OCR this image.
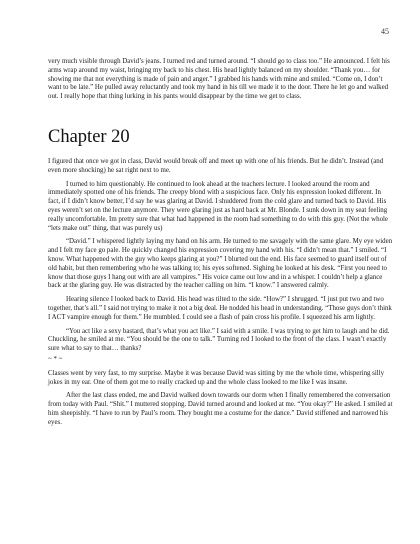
45

very much visible through David’s jeans. I turned red and turned around. “I should go to class too.” He announced. I felt his arms wrap around my waist, bringing my back to his chest. His head lightly balanced on my shoulder. “Thank you… for showing me that not everything is made of pain and anger.” I grabbed his hands with mine and smiled. “Come on, I don’t want to be late.” He pulled away reluctantly and took my hand in his till we made it to the door. There he let go and walked out. I really hope that thing lurking in his pants would disappear by the time we get to class.

Chapter 20

I figured that once we got in class, David would break off and meet up with one of his friends. But he didn’t. Instead (and even more shocking) he sat right next to me.

I turned to him questionably. He continued to look ahead at the teachers lecture. I looked around the room and immediately spotted one of his friends. The creepy blond with a suspicious face. Only his expression looked different. In fact, if I didn’t know better, I’d say he was glaring at David. I shuddered from the cold glare and turned back to David. His eyes weren’t set on the lecture anymore. They were glaring just as hard back at Mr. Blonde. I sunk down in my seat feeling really uncomfortable. Im pretty sure that what had happened in the room had something to do with this guy. (Not the whole “lets make out” thing, that was purely us)

“David.” I whispered lightly laying my hand on his arm. He turned to me savagely with the same glare. My eye widen and I felt my face go pale. He quickly changed his expression covering my hand with his. “I didn’t mean that.” I smiled. “I know. What happened with the guy who keeps glaring at you?” I blurted out the end. His face seemed to guard itself out of old habit, but then remembering who he was talking to; his eyes softened. Sighing he looked at his desk. “First you need to know that those guys I hang out with are all vampires.” His voice came out low and in a whisper. I couldn’t help a glance back at the glaring guy. He was distracted by the teacher calling on him. “I know.” I answered calmly.

Hearing silence I looked back to David. His head was tilted to the side. “How?” I shrugged. “I just put two and two together, that’s all.” I said not trying to make it not a big deal. He nodded his head in understanding. “Those guys don’t think I ACT vampire enough for them.” He mumbled. I could see a flash of pain cross his profile. I squeezed his arm lightly.

“You act like a sexy bastard, that’s what you act like.” I said with a smile. I was trying to get him to laugh and he did. Chuckling, he smiled at me. “You should be the one to talk.” Turning red I looked to the front of the class. I wasn’t exactly sure what to say to that… thanks?

~ * ~

Classes went by very fast, to my surprise. Maybe it was because David was sitting by me the whole time, whispering silly jokes in my ear. One of them got me to really cracked up and the whole class looked to me like I was insane.

After the last class ended, me and David walked down towards our dorm when I finally remembered the conversation from today with Paul. “Shit.” I muttered stopping. David turned around and looked at me. “You okay?” He asked. I smiled at him sheepishly. “I have to run by Paul’s room. They bought me a costume for the dance.” David stiffened and narrowed his eyes.
